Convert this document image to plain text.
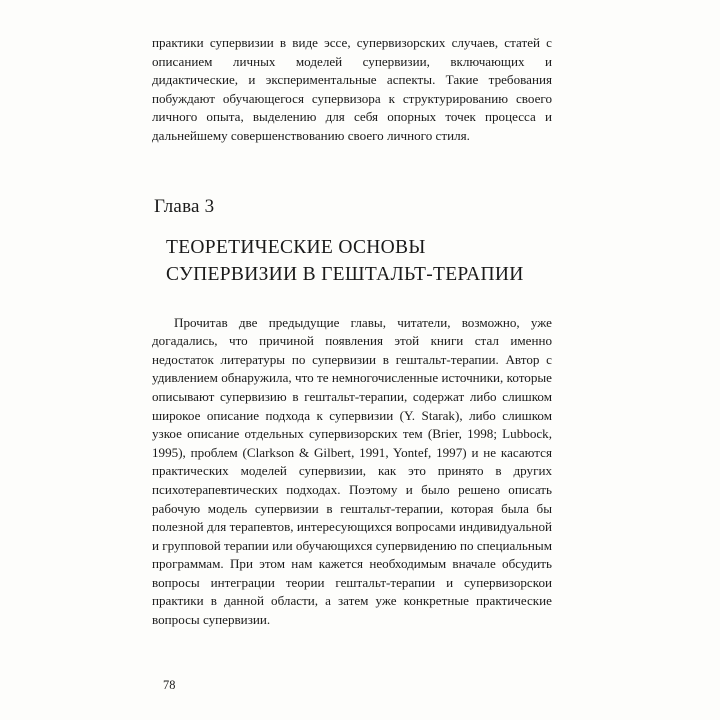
практики супервизии в виде эссе, супервизорских случаев, статей с описанием личных моделей супервизии, включающих и дидактические, и экспериментальные аспекты. Такие требования побуждают обучающегося супервизора к структурированию своего личного опыта, выделению для себя опорных точек процесса и дальнейшему совершенствованию своего личного стиля.

Глава 3
ТЕОРЕТИЧЕСКИЕ ОСНОВЫ СУПЕРВИЗИИ В ГЕШТАЛЬТ-ТЕРАПИИ

Прочитав две предыдущие главы, читатели, возможно, уже догадались, что причиной появления этой книги стал именно недостаток литературы по супервизии в гештальт-терапии. Автор с удивлением обнаружила, что те немногочисленные источники, которые описывают супервизию в гештальт-терапии, содержат либо слишком широкое описание подхода к супервизии (Y. Starak), либо слишком узкое описание отдельных супервизорских тем (Brier, 1998; Lubbock, 1995), проблем (Clarkson & Gilbert, 1991, Yontef, 1997) и не касаются практических моделей супервизии, как это принято в других психотерапевтических подходах. Поэтому и было решено описать рабочую модель супервизии в гештальт-терапии, которая была бы полезной для терапевтов, интересующихся вопросами индивидуальной и групповой терапии или обучающихся супервидению по специальным программам. При этом нам кажется необходимым вначале обсудить вопросы интеграции теории гештальт-терапии и супервизорскои практики в данной области, а затем уже конкретные практические вопросы супервизии.

78
